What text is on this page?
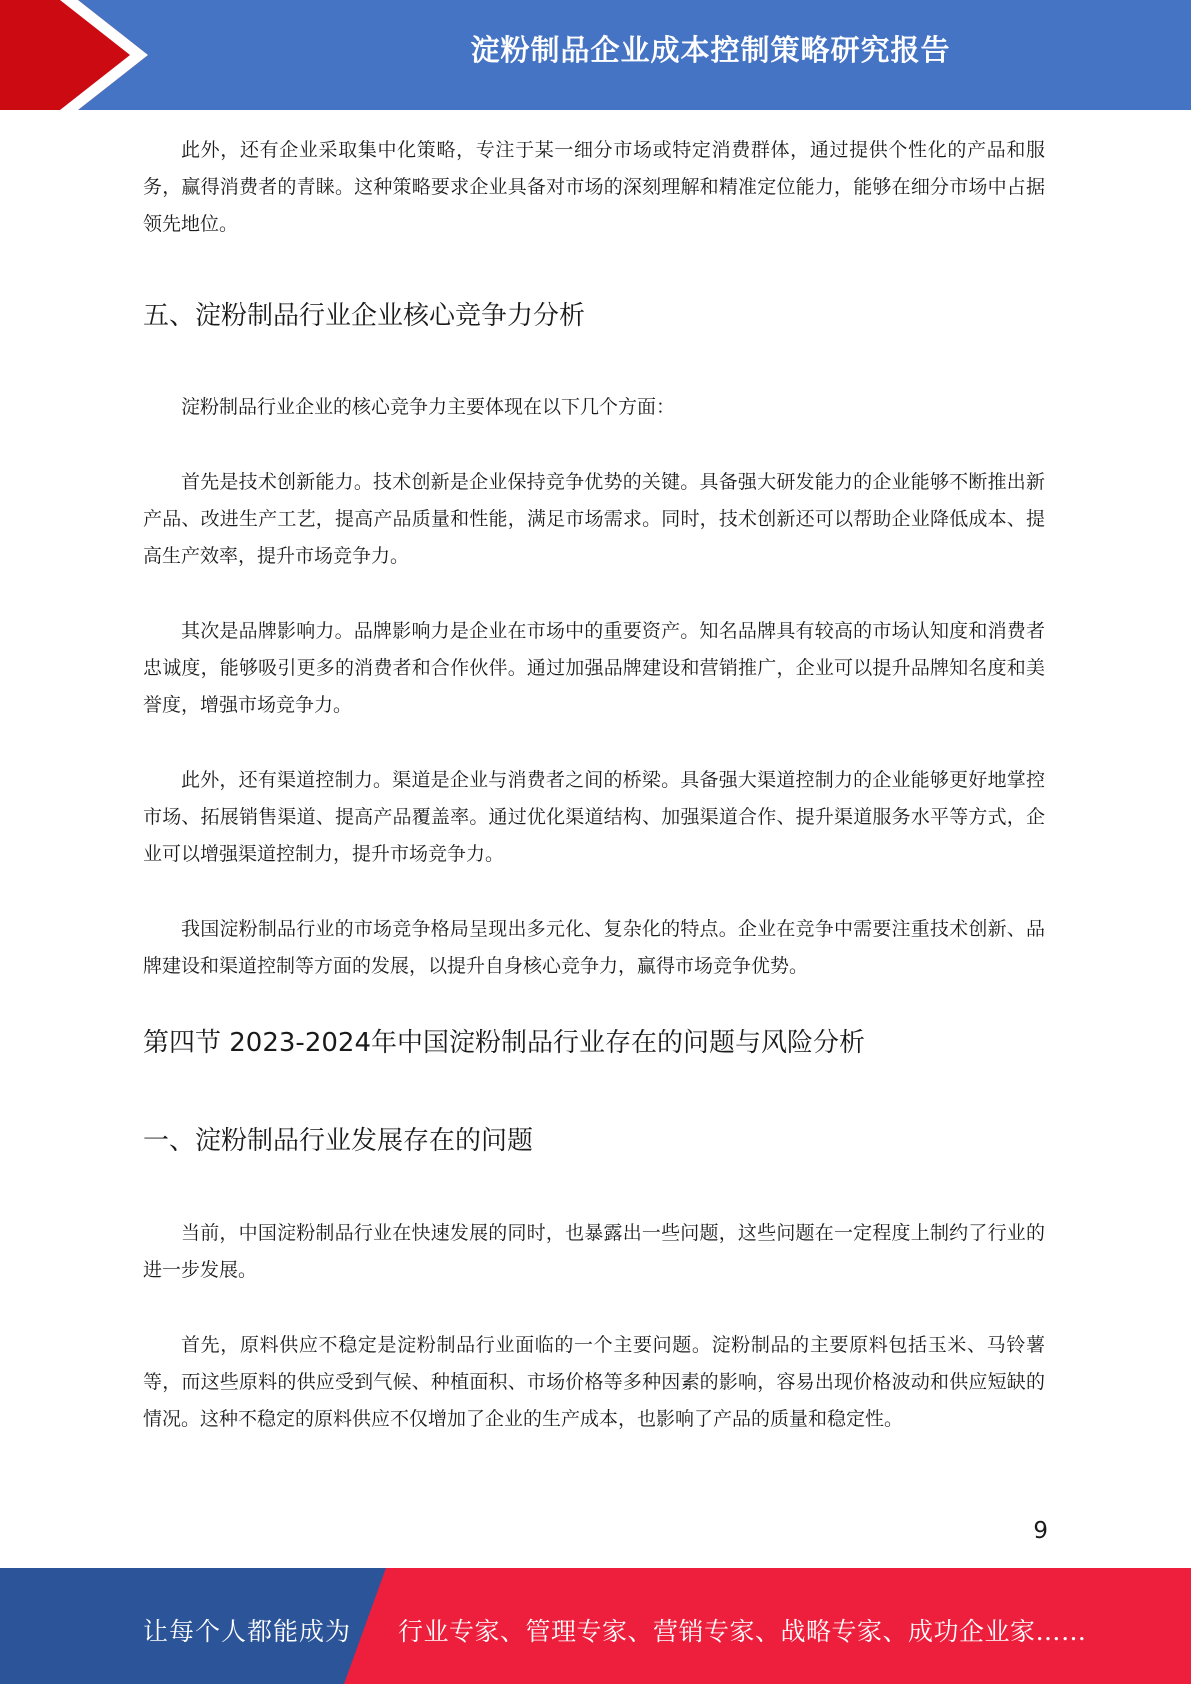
淀粉制品企业成本控制策略研究报告

此外，还有企业采取集中化策略，专注于某一细分市场或特定消费群体，通过提供个性化的产品和服务，赢得消费者的青睐。这种策略要求企业具备对市场的深刻理解和精准定位能力，能够在细分市场中占据领先地位。

五、淀粉制品行业企业核心竞争力分析

淀粉制品行业企业的核心竞争力主要体现在以下几个方面：

首先是技术创新能力。技术创新是企业保持竞争优势的关键。具备强大研发能力的企业能够不断推出新产品、改进生产工艺，提高产品质量和性能，满足市场需求。同时，技术创新还可以帮助企业降低成本、提高生产效率，提升市场竞争力。

其次是品牌影响力。品牌影响力是企业在市场中的重要资产。知名品牌具有较高的市场认知度和消费者忠诚度，能够吸引更多的消费者和合作伙伴。通过加强品牌建设和营销推广，企业可以提升品牌知名度和美誉度，增强市场竞争力。

此外，还有渠道控制力。渠道是企业与消费者之间的桥梁。具备强大渠道控制力的企业能够更好地掌控市场、拓展销售渠道、提高产品覆盖率。通过优化渠道结构、加强渠道合作、提升渠道服务水平等方式，企业可以增强渠道控制力，提升市场竞争力。

我国淀粉制品行业的市场竞争格局呈现出多元化、复杂化的特点。企业在竞争中需要注重技术创新、品牌建设和渠道控制等方面的发展，以提升自身核心竞争力，赢得市场竞争优势。

第四节 2023-2024年中国淀粉制品行业存在的问题与风险分析
一、淀粉制品行业发展存在的问题

当前，中国淀粉制品行业在快速发展的同时，也暴露出一些问题，这些问题在一定程度上制约了行业的进一步发展。

首先，原料供应不稳定是淀粉制品行业面临的一个主要问题。淀粉制品的主要原料包括玉米、马铃薯等，而这些原料的供应受到气候、种植面积、市场价格等多种因素的影响，容易出现价格波动和供应短缺的情况。这种不稳定的原料供应不仅增加了企业的生产成本，也影响了产品的质量和稳定性。

9
让每个人都能成为 行业专家、管理专家、营销专家、战略专家、成功企业家……
